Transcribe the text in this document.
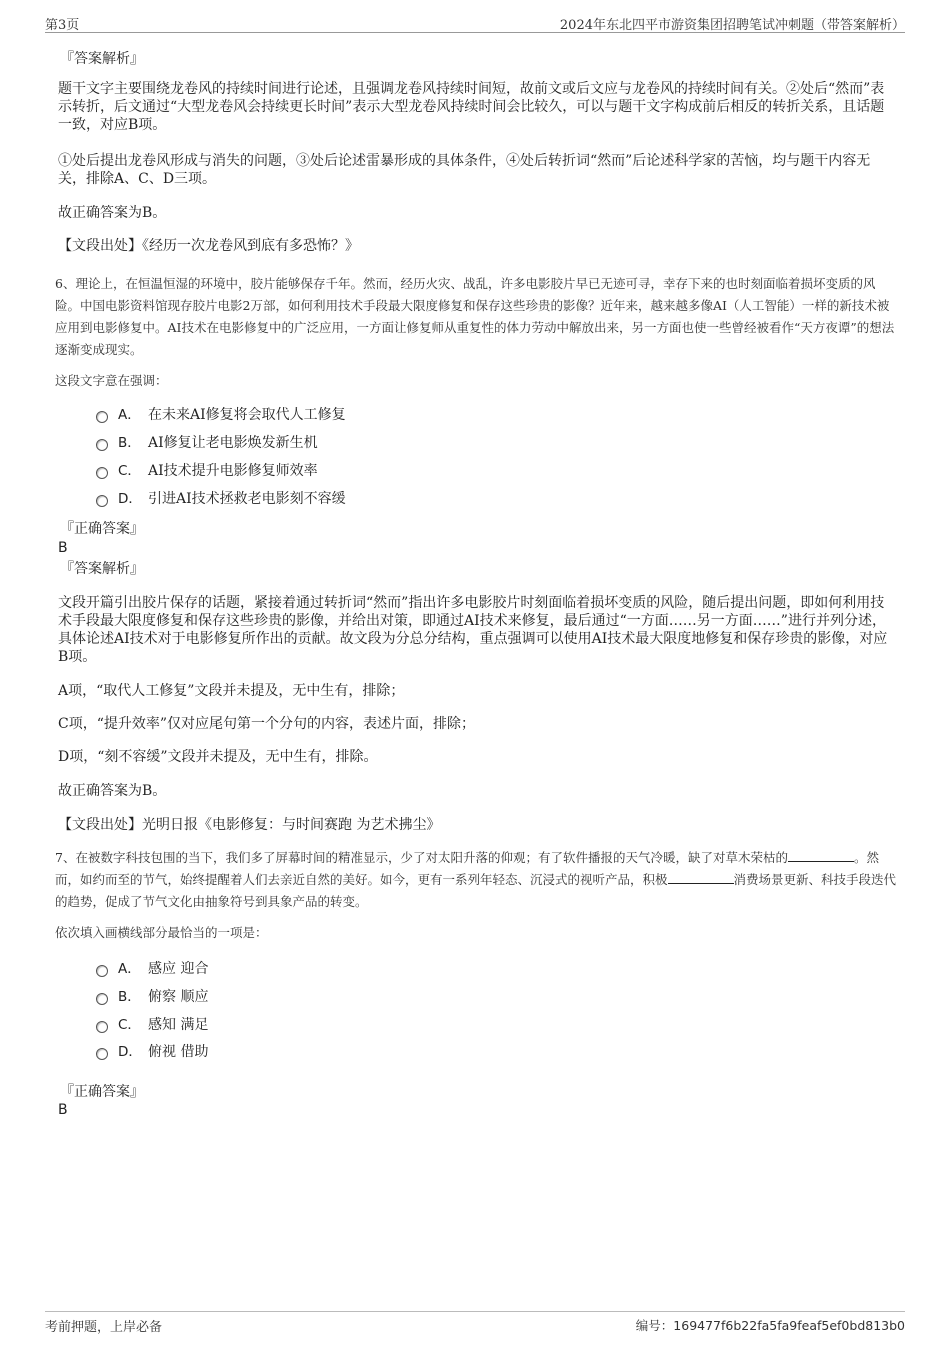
第3页	2024年东北四平市游资集团招聘笔试冲刺题（带答案解析）
『答案解析』
题干文字主要围绕龙卷风的持续时间进行论述，且强调龙卷风持续时间短，故前文或后文应与龙卷风的持续时间有关。②处后“然而”表示转折，后文通过“大型龙卷风会持续更长时间”表示大型龙卷风持续时间会比较久，可以与题干文字构成前后相反的转折关系，且话题一致，对应B项。
①处后提出龙卷风形成与消失的问题，③处后论述雷暴形成的具体条件，④处后转折词“然而”后论述科学家的苦恼，均与题干内容无关，排除A、C、D三项。
故正确答案为B。
【文段出处】《经历一次龙卷风到底有多恐怖？》
6、理论上，在恒温恒湿的环境中，胶片能够保存千年。然而，经历火灾、战乱，许多电影胶片早已无迹可寻，幸存下来的也时刻面临着损坏变质的风险。中国电影资料馆现存胶片电影2万部，如何利用技术手段最大限度修复和保存这些珍贵的影像？近年来，越来越多像AI（人工智能）一样的新技术被应用到电影修复中。AI技术在电影修复中的广泛应用，一方面让修复师从重复性的体力劳动中解放出来，另一方面也使一些曾经被看作“天方夜谭”的想法逐渐变成现实。
这段文字意在强调：
A． 在未来AI修复将会取代人工修复
B． AI修复让老电影焕发新生机
C． AI技术提升电影修复师效率
D． 引进AI技术拯救老电影刻不容缓
『正确答案』
B
『答案解析』
文段开篇引出胶片保存的话题，紧接着通过转折词“然而”指出许多电影胶片时刻面临着损坏变质的风险，随后提出问题，即如何利用技术手段最大限度修复和保存这些珍贵的影像，并给出对策，即通过AI技术来修复，最后通过“一方面……另一方面……”进行并列分述，具体论述AI技术对于电影修复所作出的贡献。故文段为分总分结构，重点强调可以使用AI技术最大限度地修复和保存珍贵的影像，对应B项。
A项，“取代人工修复”文段并未提及，无中生有，排除；
C项，“提升效率”仅对应尾句第一个分句的内容，表述片面，排除；
D项，“刻不容缓”文段并未提及，无中生有，排除。
故正确答案为B。
【文段出处】光明日报《电影修复：与时间赛跑 为艺术拂尘》
7、在被数字科技包围的当下，我们多了屏幕时间的精准显示，少了对太阳升落的仰观；有了软件播报的天气冷暖，缺了对草木荣枯的	。然而，如约而至的节气，始终提醒着人们去亲近自然的美好。如今，更有一系列年轻态、沉浸式的视听产品，积极	消费场景更新、科技手段迭代的趋势，促成了节气文化由抽象符号到具象产品的转变。
依次填入画横线部分最恰当的一项是：
A． 感应 迎合
B． 俯察 顺应
C． 感知 满足
D． 俯视 借助
『正确答案』
B
考前押题，上岸必备	编号：169477f6b22fa5fa9feaf5ef0bd813b0
